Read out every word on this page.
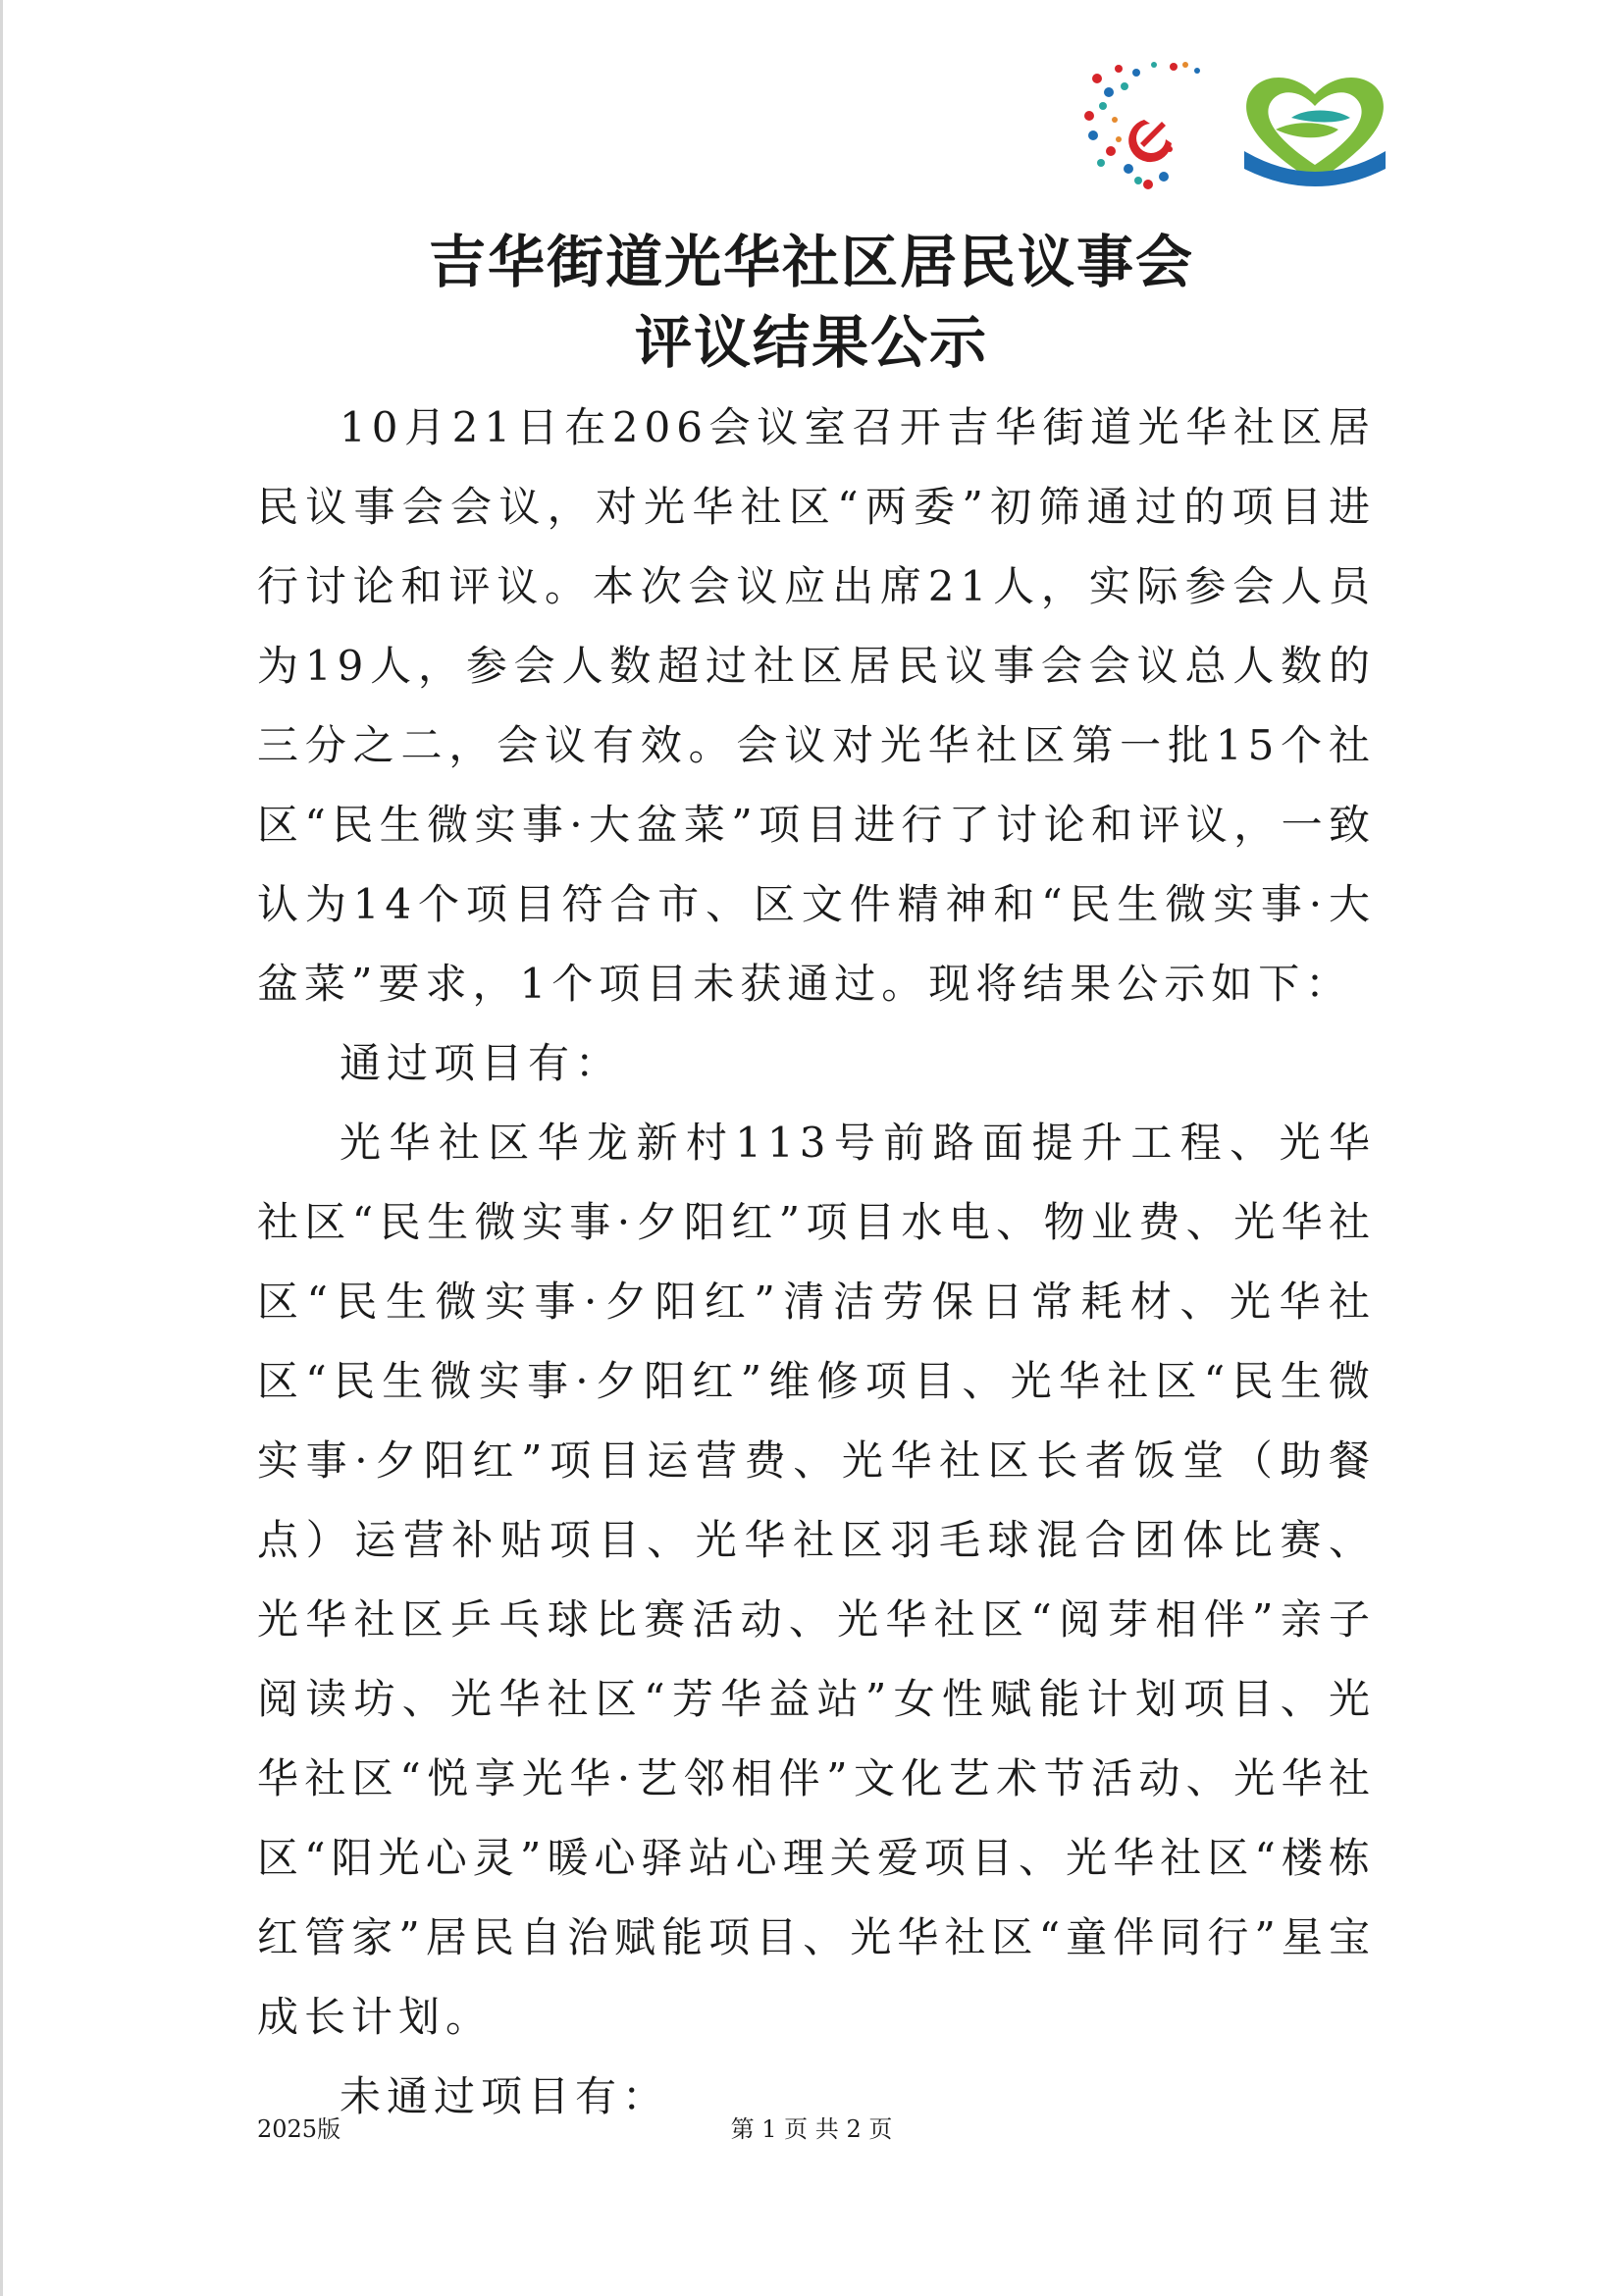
吉华街道光华社区居民议事会
评议结果公示

10月21日在206会议室召开吉华街道光华社区居民议事会会议，对光华社区“两委”初筛通过的项目进行讨论和评议。本次会议应出席21人，实际参会人员为19人，参会人数超过社区居民议事会会议总人数的三分之二，会议有效。会议对光华社区第一批15个社区“民生微实事·大盆菜”项目进行了讨论和评议，一致认为14个项目符合市、区文件精神和“民生微实事·大盆菜”要求，1个项目未获通过。现将结果公示如下：

通过项目有：

光华社区华龙新村113号前路面提升工程、光华社区“民生微实事·夕阳红”项目水电、物业费、光华社区“民生微实事·夕阳红”清洁劳保日常耗材、光华社区“民生微实事·夕阳红”维修项目、光华社区“民生微实事·夕阳红”项目运营费、光华社区长者饭堂（助餐点）运营补贴项目、光华社区羽毛球混合团体比赛、光华社区乒乓球比赛活动、光华社区“阅芽相伴”亲子阅读坊、光华社区“芳华益站”女性赋能计划项目、光华社区“悦享光华·艺邻相伴”文化艺术节活动、光华社区“阳光心灵”暖心驿站心理关爱项目、光华社区“楼栋红管家”居民自治赋能项目、光华社区“童伴同行”星宝成长计划。

未通过项目有：

2025版	第 1 页 共 2 页
